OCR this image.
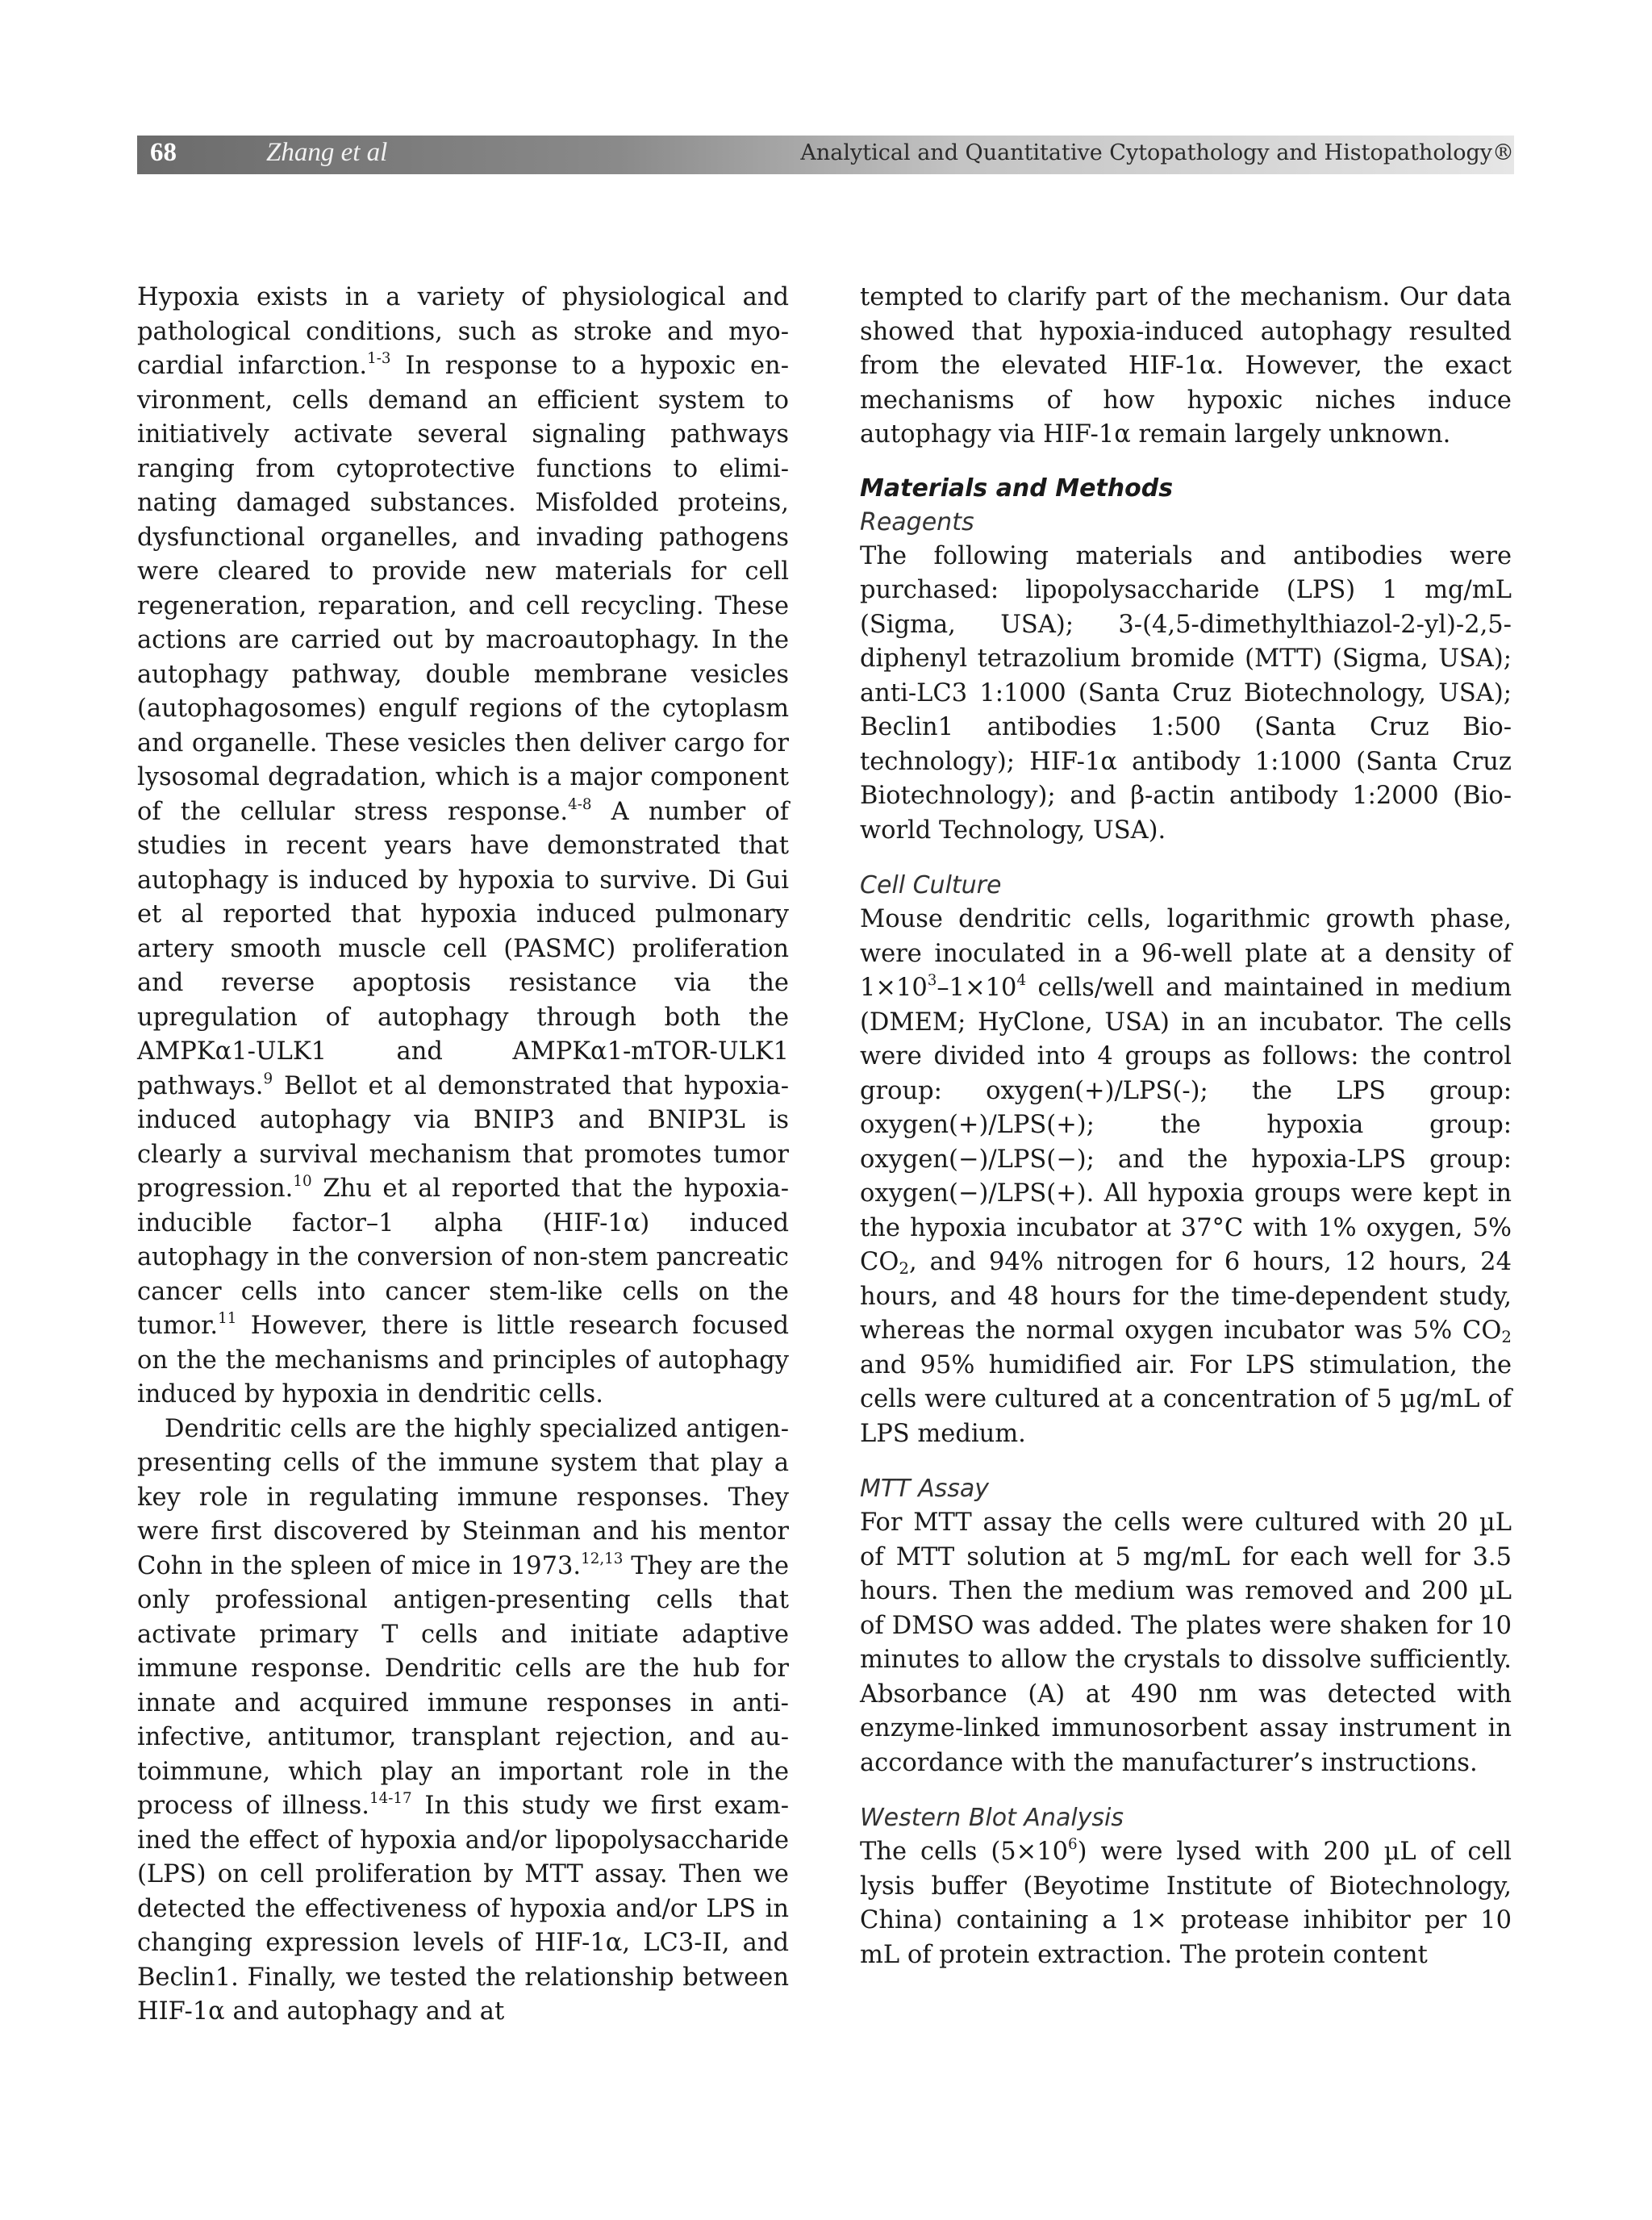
68	Zhang et al	Analytical and Quantitative Cytopathology and Histopathology®

Hypoxia exists in a variety of physiological and pathological conditions, such as stroke and myocardial infarction.$^{1-3}$ In response to a hypoxic environment, cells demand an efficient system to initiatively activate several signaling pathways ranging from cytoprotective functions to eliminating damaged substances. Misfolded proteins, dysfunctional organelles, and invading pathogens were cleared to provide new materials for cell regeneration, reparation, and cell recycling. These actions are carried out by macroautophagy. In the autophagy pathway, double membrane vesicles (autophagosomes) engulf regions of the cytoplasm and organelle. These vesicles then deliver cargo for lysosomal degradation, which is a major component of the cellular stress response.$^{4-8}$ A number of studies in recent years have demonstrated that autophagy is induced by hypoxia to survive. Di Gui et al reported that hypoxia induced pulmonary artery smooth muscle cell (PASMC) proliferation and reverse apoptosis resistance via the upregulation of autophagy through both the AMPKα1-ULK1 and AMPKα1-mTOR-ULK1 pathways.$^9$ Bellot et al demonstrated that hypoxia-induced autophagy via BNIP3 and BNIP3L is clearly a survival mechanism that promotes tumor progression.$^{10}$ Zhu et al reported that the hypoxia-inducible factor–1 alpha (HIF-1α) induced autophagy in the conversion of non-stem pancreatic cancer cells into cancer stem-like cells on the tumor.$^{11}$ However, there is little research focused on the the mechanisms and principles of autophagy induced by hypoxia in dendritic cells.

Dendritic cells are the highly specialized antigen-presenting cells of the immune system that play a key role in regulating immune responses. They were first discovered by Steinman and his mentor Cohn in the spleen of mice in 1973.$^{12,13}$ They are the only professional antigen-presenting cells that activate primary T cells and initiate adaptive immune response. Dendritic cells are the hub for innate and acquired immune responses in anti-infective, antitumor, transplant rejection, and autoimmune, which play an important role in the process of illness.$^{14-17}$ In this study we first examined the effect of hypoxia and/or lipopolysaccharide (LPS) on cell proliferation by MTT assay. Then we detected the effectiveness of hypoxia and/or LPS in changing expression levels of HIF-1α, LC3-II, and Beclin1. Finally, we tested the relationship between HIF-1α and autophagy and at

tempted to clarify part of the mechanism. Our data showed that hypoxia-induced autophagy resulted from the elevated HIF-1α. However, the exact mechanisms of how hypoxic niches induce autophagy via HIF-1α remain largely unknown.

Materials and Methods
Reagents

The following materials and antibodies were purchased: lipopolysaccharide (LPS) 1 mg/mL (Sigma, USA); 3-(4,5-dimethylthiazol-2-yl)-2,5-diphenyl tetrazolium bromide (MTT) (Sigma, USA); anti-LC3 1:1000 (Santa Cruz Biotechnology, USA); Beclin1 antibodies 1:500 (Santa Cruz Biotechnology); HIF-1α antibody 1:1000 (Santa Cruz Biotechnology); and β-actin antibody 1:2000 (Bioworld Technology, USA).

Cell Culture

Mouse dendritic cells, logarithmic growth phase, were inoculated in a 96-well plate at a density of $1\times 10^3-1\times 10^4$ cells/well and maintained in medium (DMEM; HyClone, USA) in an incubator. The cells were divided into 4 groups as follows: the control group: oxygen(+)/LPS(-); the LPS group: oxygen(+)/LPS(+); the hypoxia group: oxygen(−)/LPS(−); and the hypoxia-LPS group: oxygen(−)/LPS(+). All hypoxia groups were kept in the hypoxia incubator at 37°C with 1% oxygen, 5% $CO_2$, and 94% nitrogen for 6 hours, 12 hours, 24 hours, and 48 hours for the time-dependent study, whereas the normal oxygen incubator was 5% $CO_2$ and 95% humidified air. For LPS stimulation, the cells were cultured at a concentration of 5 µg/mL of LPS medium.

MTT Assay

For MTT assay the cells were cultured with 20 µL of MTT solution at 5 mg/mL for each well for 3.5 hours. Then the medium was removed and 200 µL of DMSO was added. The plates were shaken for 10 minutes to allow the crystals to dissolve sufficiently. Absorbance (A) at 490 nm was detected with enzyme-linked immunosorbent assay instrument in accordance with the manufacturer’s instructions.

Western Blot Analysis

The cells $(5\times 10^6)$ were lysed with 200 µL of cell lysis buffer (Beyotime Institute of Biotechnology, China) containing a 1× protease inhibitor per 10 mL of protein extraction. The protein content
